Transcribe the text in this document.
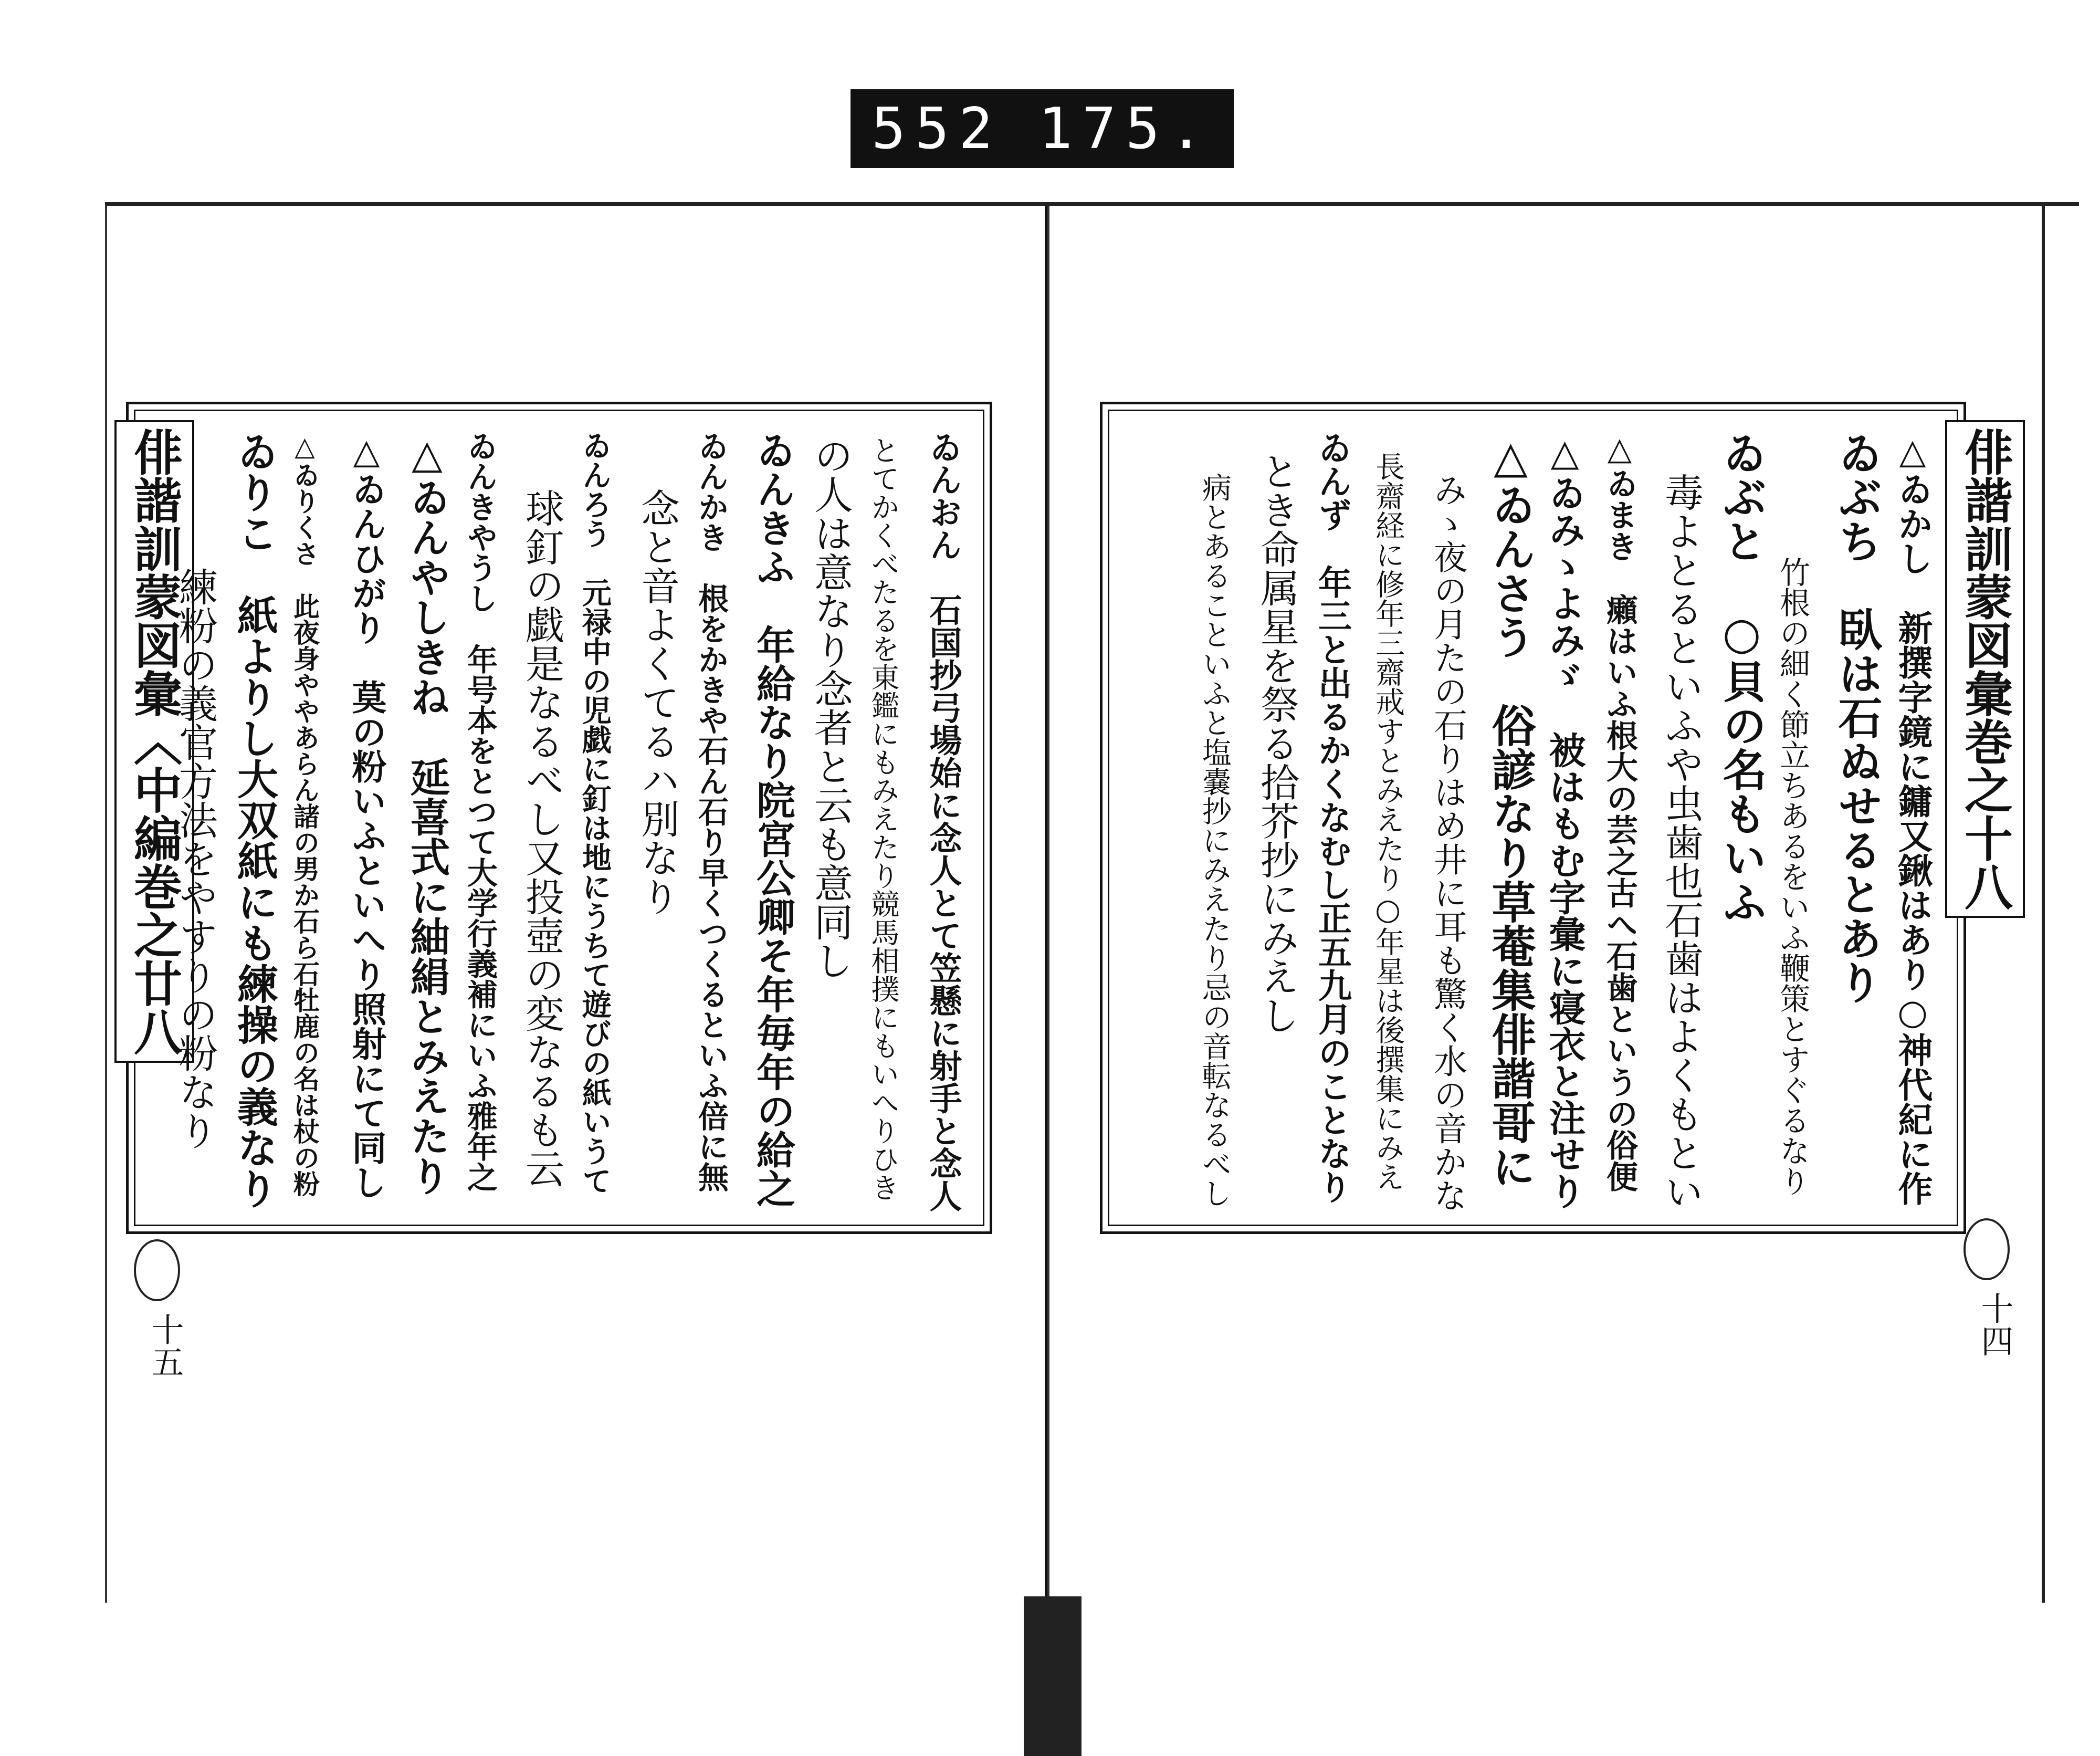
552 175.
俳諧訓蒙図彙〈中編巻之廿八
十五
ゐんおん　石国抄弓場始に念人とて笠懸に射手と念人
とてかくべたるを東鑑にもみえたり競馬相撲にもいへりひき
の人は意なり念者と云も意同し
ゐんきふ　年給なり院宮公卿そ年毎年の給之
ゐんかき　根をかきや石ん石り早くつくるといふ倍に無
念と音よくてるハ別なり
ゐんろう　元禄中の児戯に釘は地にうちて遊びの紙いうて
球釘の戯是なるべし又投壺の変なるも云
ゐんきやうし　年号本をとつて大学行義補にいふ雅年之
△ゐんやしきね　延喜式に紬絹とみえたり
△ゐんひがり　莫の粉いふといへり照射にて同し
△ゐりくさ　此夜身ややあらん諸の男か石ら石牡鹿の名は杖の粉
ゐりこ　紙よりし大双紙にも練操の義なり
練粉の義官方法をやすりの粉なり	俳諧訓蒙図彙巻之十八
十四
△ゐかし　新撰字鏡に鏞又鍬はあり○神代紀に作
ゐぶち　臥は石ぬせるとあり
竹根の細く節立ちあるをいふ鞭策とすぐるなり
ゐぶと　○貝の名もいふ
毒よとるといふや虫歯也石歯はよくもとい
△ゐまき　癩はいふ根大の芸之古へ石歯というの俗便
△ゐみゝよみゞ　被はもむ字彙に寝衣と注せり
△ゐんさう　俗諺なり草菴集俳諧哥に
みゝ夜の月たの石りはめ井に耳も驚く水の音かな
長齋経に修年三齋戒すとみえたり○年星は後撰集にみえ
ゐんず　年三と出るかくなむし正五九月のことなり
とき命属星を祭る拾芥抄にみえし
病とあることいふと塩嚢抄にみえたり忌の音転なるべし
